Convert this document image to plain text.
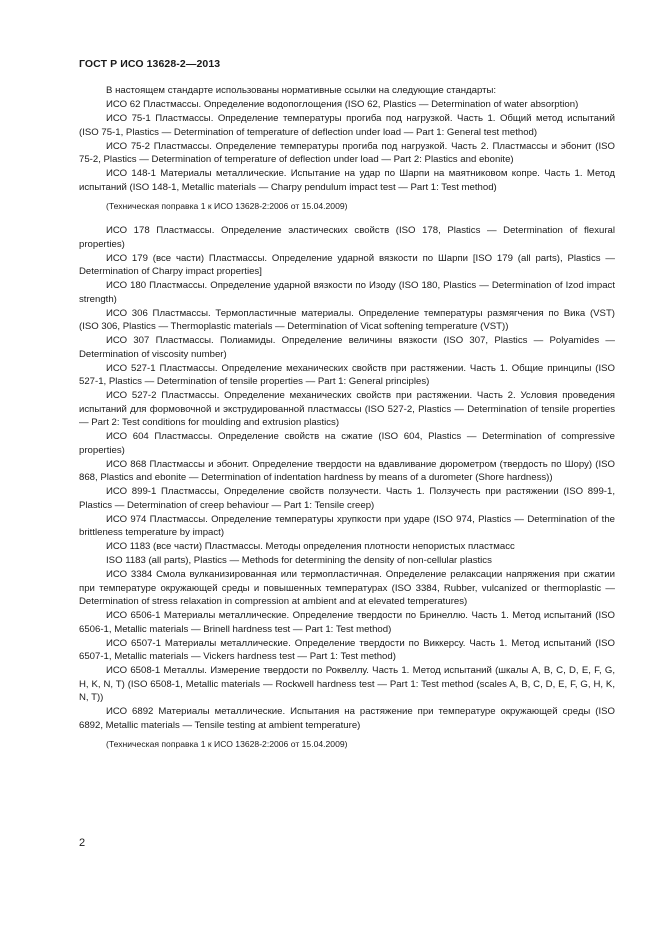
ГОСТ Р ИСО 13628-2—2013

В настоящем стандарте использованы нормативные ссылки на следующие стандарты:

ИСО 62 Пластмассы. Определение водопоглощения (ISO 62, Plastics — Determination of water absorption)

ИСО 75-1 Пластмассы. Определение температуры прогиба под нагрузкой. Часть 1. Общий метод испытаний (ISO 75-1, Plastics — Determination of temperature of deflection under load — Part 1: General test method)

ИСО 75-2 Пластмассы. Определение температуры прогиба под нагрузкой. Часть 2. Пластмассы и эбонит (ISO 75-2, Plastics — Determination of temperature of deflection under load — Part 2: Plastics and ebonite)

ИСО 148-1 Материалы металлические. Испытание на удар по Шарпи на маятниковом копре. Часть 1. Метод испытаний (ISO 148-1, Metallic materials — Charpy pendulum impact test — Part 1: Test method)

(Техническая поправка 1 к ИСО 13628-2:2006 от 15.04.2009)

ИСО 178 Пластмассы. Определение эластических свойств (ISO 178, Plastics — Determination of flexural properties)

ИСО 179 (все части) Пластмассы. Определение ударной вязкости по Шарпи [ISO 179 (all parts), Plastics — Determination of Charpy impact properties]

ИСО 180 Пластмассы. Определение ударной вязкости по Изоду (ISO 180, Plastics — Determination of Izod impact strength)

ИСО 306 Пластмассы. Термопластичные материалы. Определение температуры размягчения по Вика (VST) (ISO 306, Plastics — Thermoplastic materials — Determination of Vicat softening temperature (VST))

ИСО 307 Пластмассы. Полиамиды. Определение величины вязкости (ISO 307, Plastics — Polyamides — Determination of viscosity number)

ИСО 527-1 Пластмассы. Определение механических свойств при растяжении. Часть 1. Общие принципы (ISO 527-1, Plastics — Determination of tensile properties — Part 1: General principles)

ИСО 527-2 Пластмассы. Определение механических свойств при растяжении. Часть 2. Условия проведения испытаний для формовочной и экструдированной пластмассы (ISO 527-2, Plastics — Determination of tensile properties — Part 2: Test conditions for moulding and extrusion plastics)

ИСО 604 Пластмассы. Определение свойств на сжатие (ISO 604, Plastics — Determination of compressive properties)

ИСО 868 Пластмассы и эбонит. Определение твердости на вдавливание дюрометром (твердость по Шору) (ISO 868, Plastics and ebonite — Determination of indentation hardness by means of a durometer (Shore hardness))

ИСО 899-1 Пластмассы, Определение свойств ползучести. Часть 1. Ползучесть при растяжении (ISO 899-1, Plastics — Determination of creep behaviour — Part 1: Tensile creep)

ИСО 974 Пластмассы. Определение температуры хрупкости при ударе (ISO 974, Plastics — Determination of the brittleness temperature by impact)

ИСО 1183 (все части) Пластмассы. Методы определения плотности непористых пластмасс

ISO 1183 (all parts), Plastics — Methods for determining the density of non-cellular plastics

ИСО 3384 Смола вулканизированная или термопластичная. Определение релаксации напряжения при сжатии при температуре окружающей среды и повышенных температурах (ISO 3384, Rubber, vulcanized or thermoplastic — Determination of stress relaxation in compression at ambient and at elevated temperatures)

ИСО 6506-1 Материалы металлические. Определение твердости по Бринеллю. Часть 1. Метод испытаний (ISO 6506-1, Metallic materials — Brinell hardness test — Part 1: Test method)

ИСО 6507-1 Материалы металлические. Определение твердости по Виккерсу. Часть 1. Метод испытаний (ISO 6507-1, Metallic materials — Vickers hardness test — Part 1: Test method)

ИСО 6508-1 Металлы. Измерение твердости по Роквеллу. Часть 1. Метод испытаний (шкалы A, B, C, D, E, F, G, H, K, N, T) (ISO 6508-1, Metallic materials — Rockwell hardness test — Part 1: Test method (scales A, B, C, D, E, F, G, H, K, N, T))

ИСО 6892 Материалы металлические. Испытания на растяжение при температуре окружающей среды (ISO 6892, Metallic materials — Tensile testing at ambient temperature)

(Техническая поправка 1 к ИСО 13628-2:2006 от 15.04.2009)

2
